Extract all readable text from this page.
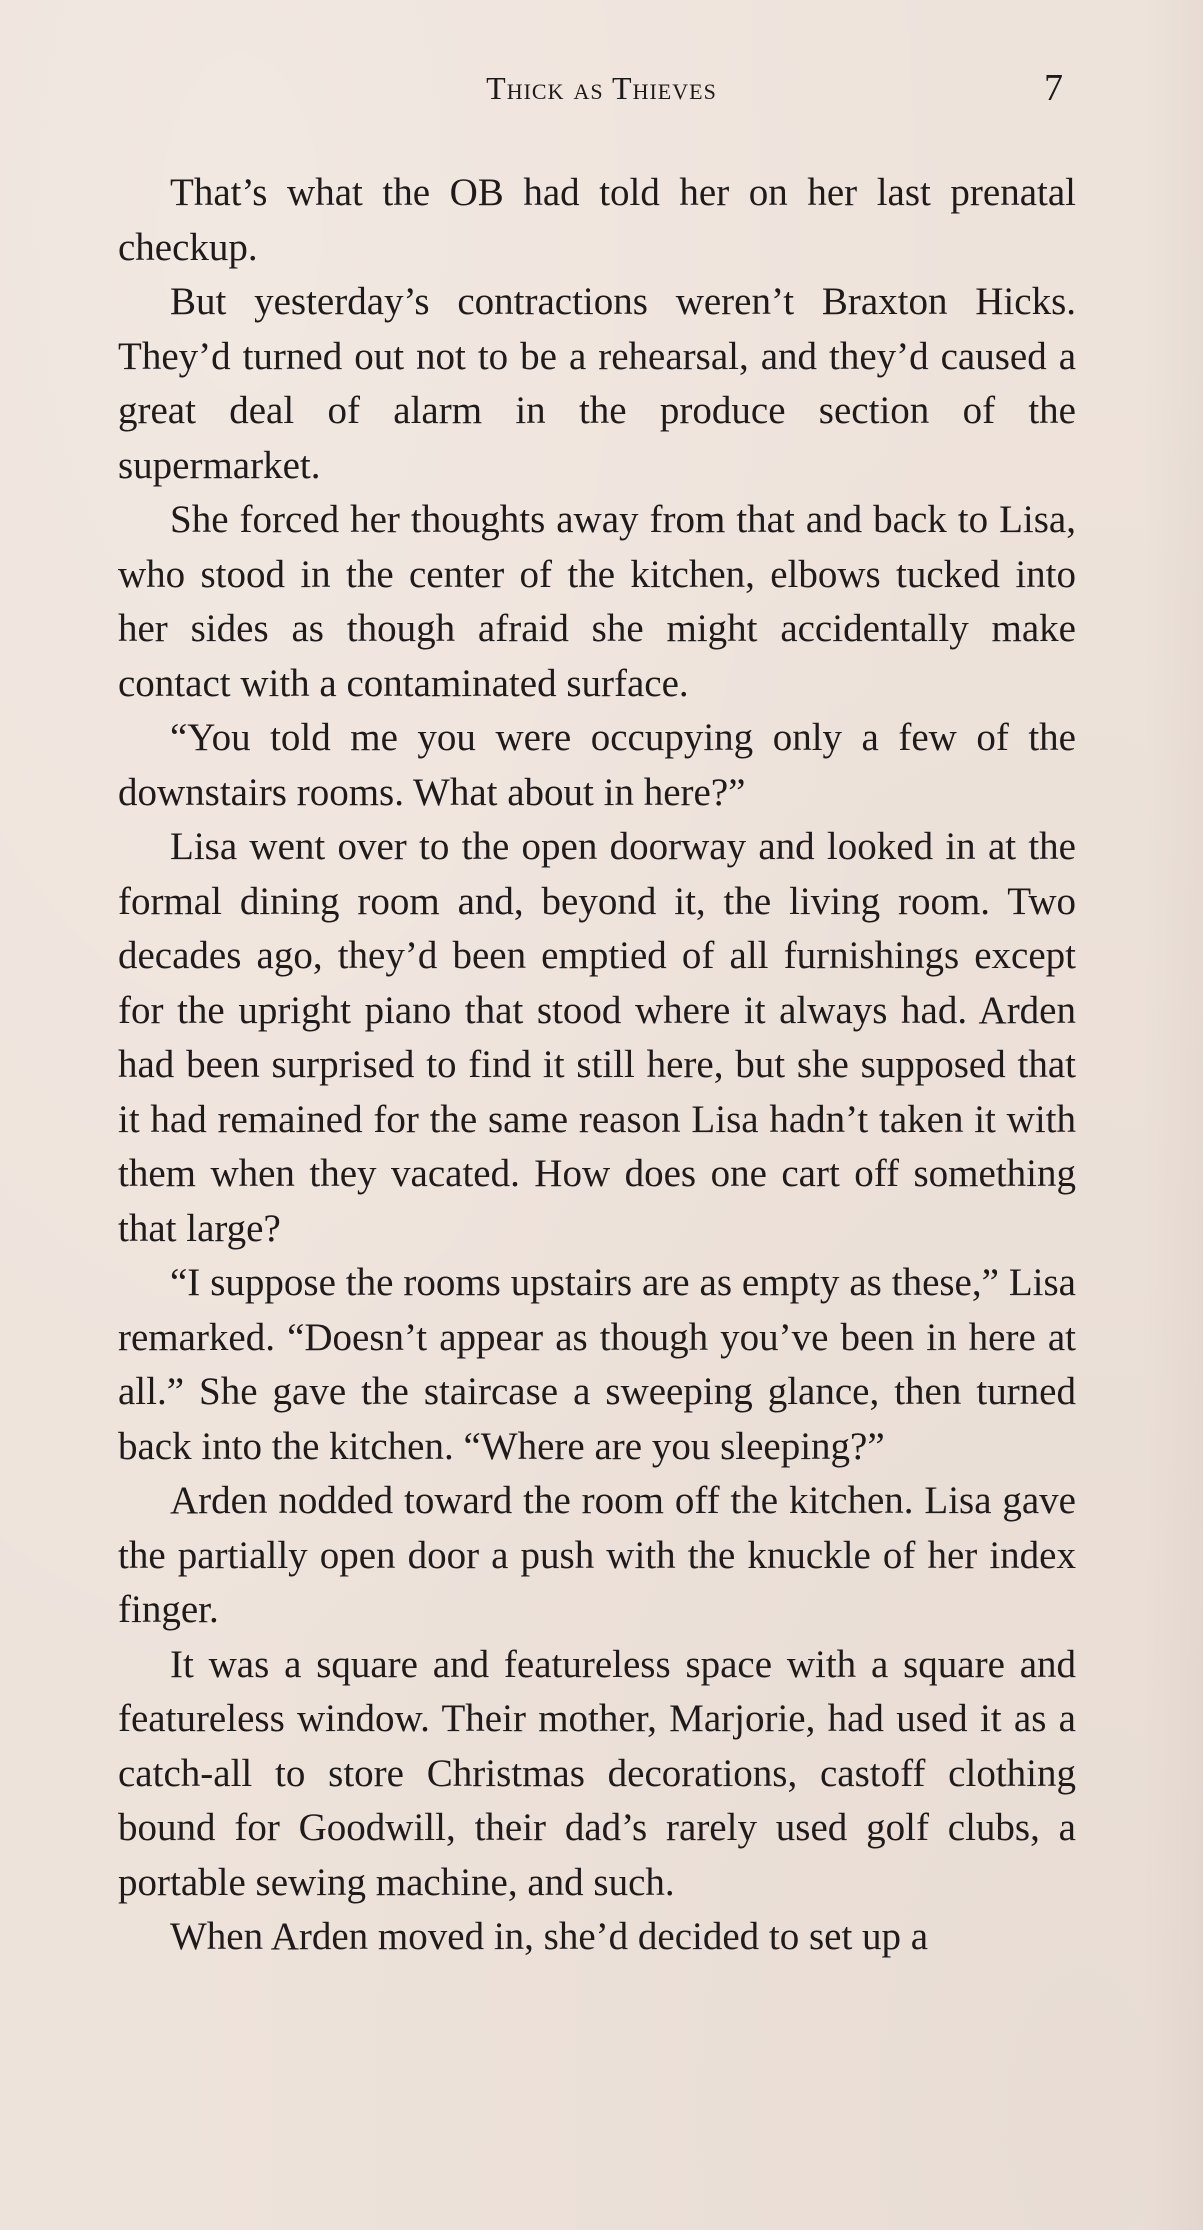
Thick as Thieves	7

That’s what the OB had told her on her last prenatal checkup.

But yesterday’s contractions weren’t Braxton Hicks. They’d turned out not to be a rehearsal, and they’d caused a great deal of alarm in the produce section of the supermarket.

She forced her thoughts away from that and back to Lisa, who stood in the center of the kitchen, elbows tucked into her sides as though afraid she might accidentally make contact with a contaminated surface.

“You told me you were occupying only a few of the downstairs rooms. What about in here?”

Lisa went over to the open doorway and looked in at the formal dining room and, beyond it, the living room. Two decades ago, they’d been emptied of all furnishings except for the upright piano that stood where it always had. Arden had been surprised to find it still here, but she supposed that it had remained for the same reason Lisa hadn’t taken it with them when they vacated. How does one cart off something that large?

“I suppose the rooms upstairs are as empty as these,” Lisa remarked. “Doesn’t appear as though you’ve been in here at all.” She gave the staircase a sweeping glance, then turned back into the kitchen. “Where are you sleeping?”

Arden nodded toward the room off the kitchen. Lisa gave the partially open door a push with the knuckle of her index finger.

It was a square and featureless space with a square and featureless window. Their mother, Marjorie, had used it as a catch-all to store Christmas decorations, castoff clothing bound for Goodwill, their dad’s rarely used golf clubs, a portable sewing machine, and such.

When Arden moved in, she’d decided to set up a
